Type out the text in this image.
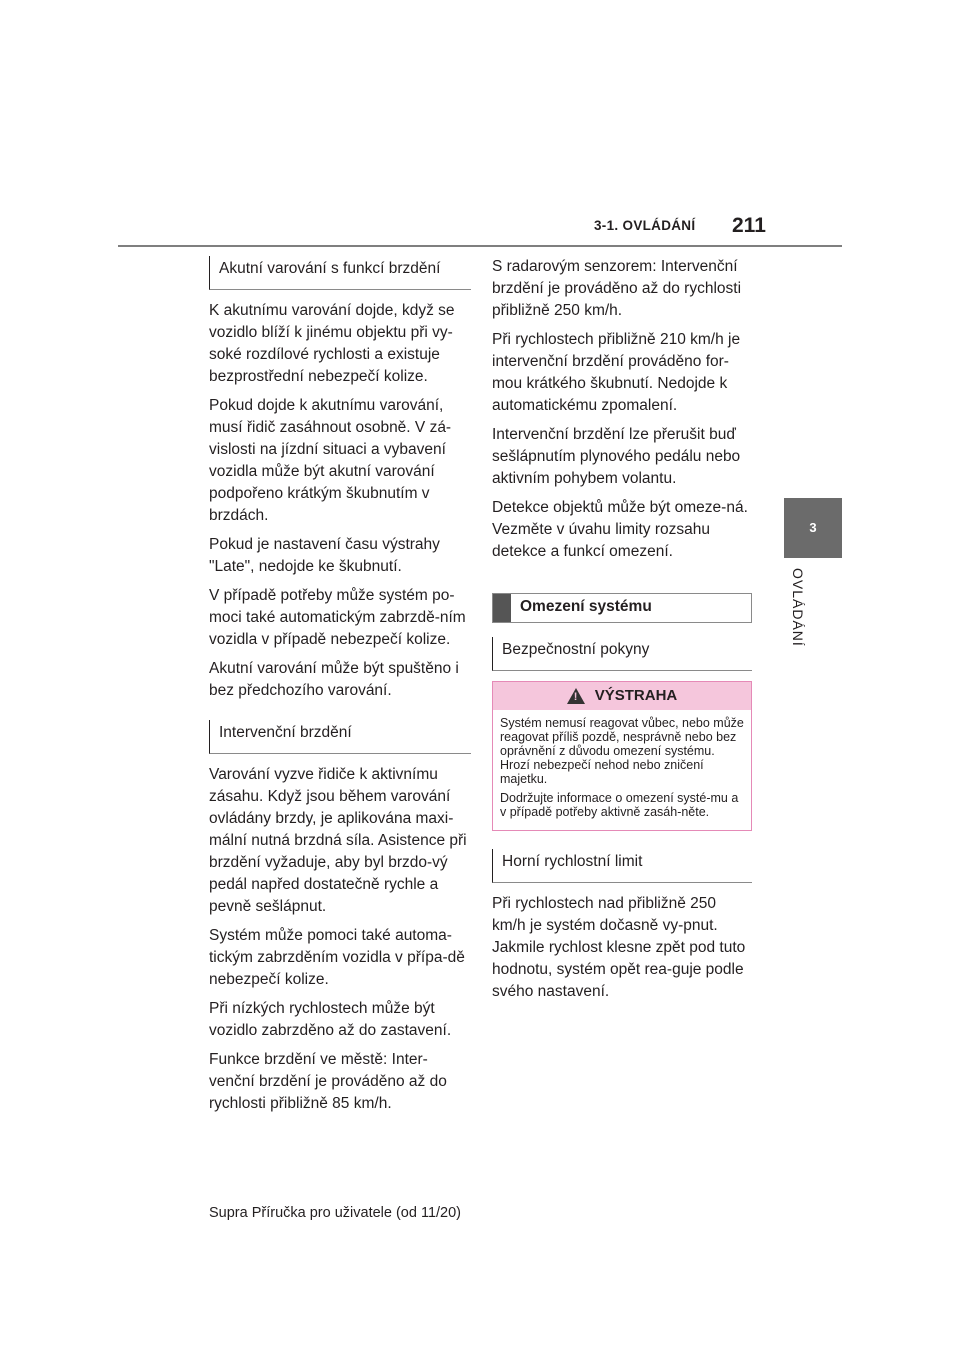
3-1. OVLÁDÁNÍ 211
3
OVLÁDÁNÍ
Akutní varování s funkcí brzdění

K akutnímu varování dojde, když se vozidlo blíží k jinému objektu při vy-soké rozdílové rychlosti a existuje bezprostřední nebezpečí kolize.

Pokud dojde k akutnímu varování, musí řidič zasáhnout osobně. V zá-vislosti na jízdní situaci a vybavení vozidla může být akutní varování podpořeno krátkým škubnutím v brzdách.

Pokud je nastavení času výstrahy "Late", nedojde ke škubnutí.

V případě potřeby může systém po-moci také automatickým zabrzdě-ním vozidla v případě nebezpečí kolize.

Akutní varování může být spuštěno i bez předchozího varování.

Intervenční brzdění

Varování vyzve řidiče k aktivnímu zásahu. Když jsou během varování ovládány brzdy, je aplikována maxi-mální nutná brzdná síla. Asistence při brzdění vyžaduje, aby byl brzdo-vý pedál napřed dostatečně rychle a pevně sešlápnut.

Systém může pomoci také automa-tickým zabrzděním vozidla v přípa-dě nebezpečí kolize.

Při nízkých rychlostech může být vozidlo zabrzděno až do zastavení.

Funkce brzdění ve městě: Inter-venční brzdění je prováděno až do rychlosti přibližně 85 km/h.

S radarovým senzorem: Intervenční brzdění je prováděno až do rychlosti přibližně 250 km/h.

Při rychlostech přibližně 210 km/h je intervenční brzdění prováděno for-mou krátkého škubnutí. Nedojde k automatickému zpomalení.

Intervenční brzdění lze přerušit buď sešlápnutím plynového pedálu nebo aktivním pohybem volantu.

Detekce objektů může být omeze-ná. Vezměte v úvahu limity rozsahu detekce a funkcí omezení.

Omezení systému
Bezpečnostní pokyny
!
VÝSTRAHA

Systém nemusí reagovat vůbec, nebo může reagovat příliš pozdě, nesprávně nebo bez oprávnění z důvodu omezení systému. Hrozí nebezpečí nehod nebo zničení majetku.

Dodržujte informace o omezení systé-mu a v případě potřeby aktivně zasáh-něte.

Horní rychlostní limit

Při rychlostech nad přibližně 250 km/h je systém dočasně vy-pnut. Jakmile rychlost klesne zpět pod tuto hodnotu, systém opět rea-guje podle svého nastavení.

Supra Příručka pro uživatele (od 11/20)
